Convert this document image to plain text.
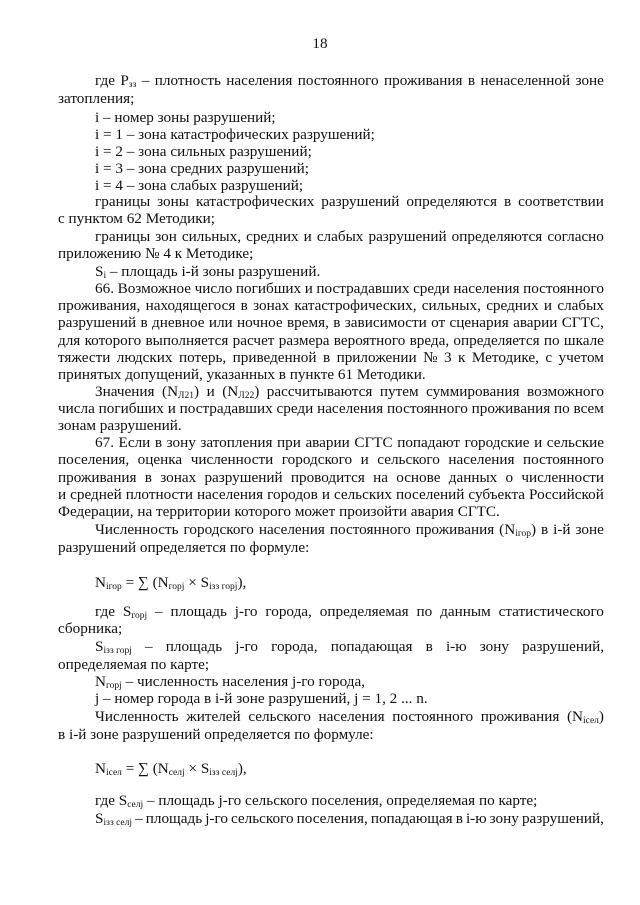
18
где $P_{зз}$ – плотность населения постоянного проживания в ненаселенной зоне
затопления;
i – номер зоны разрушений;
i = 1 – зона катастрофических разрушений;
i = 2 – зона сильных разрушений;
i = 3 – зона средних разрушений;
i = 4 – зона слабых разрушений;
границы зоны катастрофических разрушений определяются в соответствии
с пунктом 62 Методики;
границы зон сильных, средних и слабых разрушений определяются согласно
приложению № 4 к Методике;
$S_i$ – площадь i-й зоны разрушений.
66. Возможное число погибших и пострадавших среди населения постоянного
проживания, находящегося в зонах катастрофических, сильных, средних и слабых
разрушений в дневное или ночное время, в зависимости от сценария аварии СГТС,
для которого выполняется расчет размера вероятного вреда, определяется по шкале
тяжести людских потерь, приведенной в приложении № 3 к Методике, с учетом
принятых допущений, указанных в пункте 61 Методики.
Значения $(N_{Л21})$ и $(N_{Л22})$ рассчитываются путем суммирования возможного
числа погибших и пострадавших среди населения постоянного проживания по всем
зонам разрушений.
67. Если в зону затопления при аварии СГТС попадают городские и сельские
поселения, оценка численности городского и сельского населения постоянного
проживания в зонах разрушений проводится на основе данных о численности
и средней плотности населения городов и сельских поселений субъекта Российской
Федерации, на территории которого может произойти авария СГТС.
Численность городского населения постоянного проживания $(N_{iгор})$ в i-й зоне
разрушений определяется по формуле:
$N_{iгор}$ = ∑ $(N_{горj} \times S_{iзз горj})$,
где $S_{горj}$ – площадь j-го города, определяемая по данным статистического
сборника;
$S_{iзз горj}$ – площадь j-го города, попадающая в i-ю зону разрушений,
определяемая по карте;
$N_{горj}$ – численность населения j-го города,
j – номер города в i-й зоне разрушений, j = 1, 2 ... n.
Численность жителей сельского населения постоянного проживания $(N_{iсел})$
в i-й зоне разрушений определяется по формуле:
$N_{iсел}$ = ∑ $(N_{селj} \times S_{iзз селj})$,
где $S_{селj}$ – площадь j-го сельского поселения, определяемая по карте;
$S_{iзз селj}$ – площадь j-го сельского поселения, попадающая в i-ю зону разрушений,
